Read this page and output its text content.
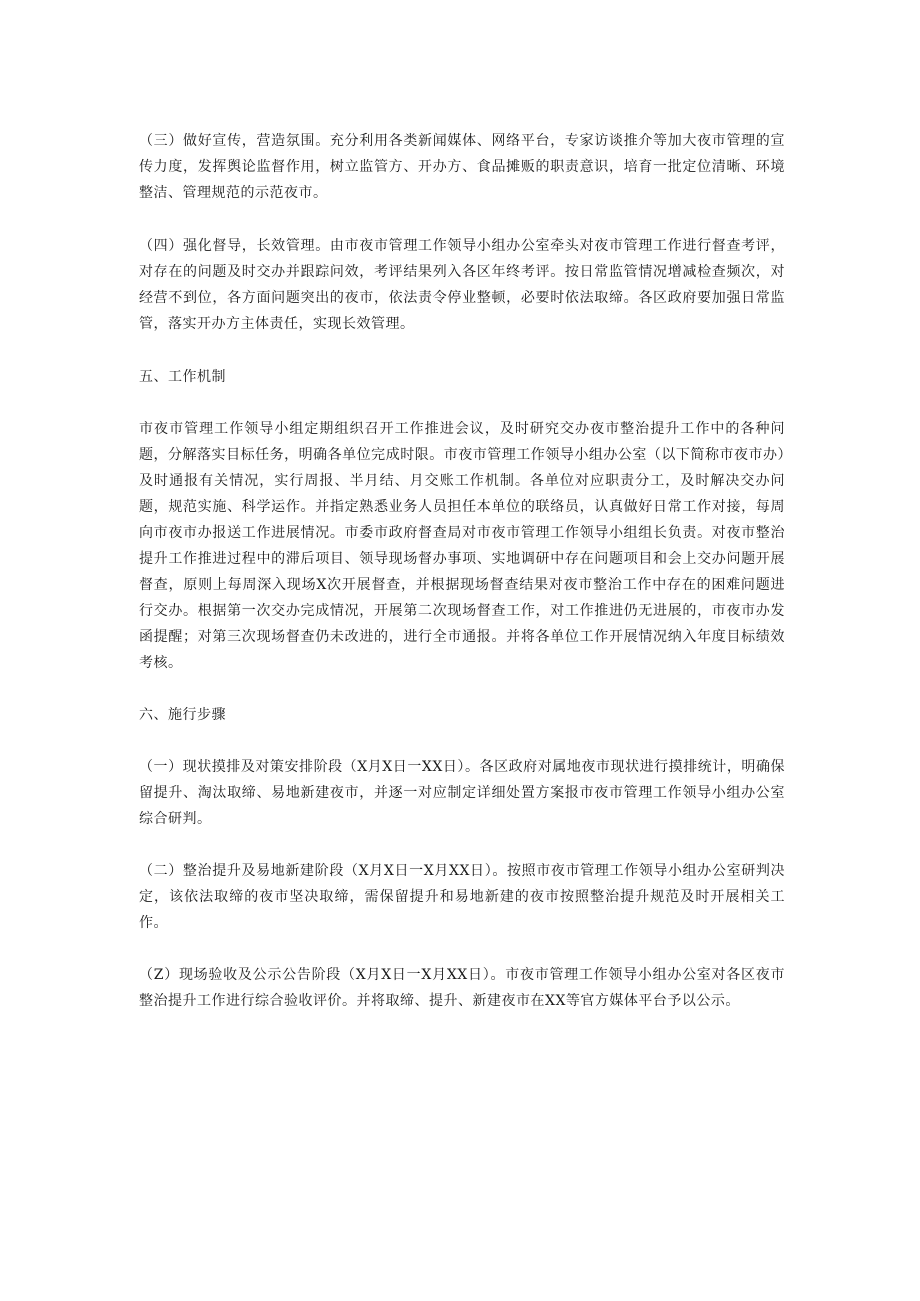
（三）做好宣传，营造氛围。充分利用各类新闻媒体、网络平台，专家访谈推介等加大夜市管理的宣传力度，发挥舆论监督作用，树立监管方、开办方、食品摊贩的职责意识，培育一批定位清晰、环境整洁、管理规范的示范夜市。

（四）强化督导，长效管理。由市夜市管理工作领导小组办公室牵头对夜市管理工作进行督查考评，对存在的问题及时交办并跟踪问效，考评结果列入各区年终考评。按日常监管情况增减检查频次，对经营不到位，各方面问题突出的夜市，依法责令停业整顿，必要时依法取缔。各区政府要加强日常监管，落实开办方主体责任，实现长效管理。

五、工作机制

市夜市管理工作领导小组定期组织召开工作推进会议，及时研究交办夜市整治提升工作中的各种问题，分解落实目标任务，明确各单位完成时限。市夜市管理工作领导小组办公室（以下简称市夜市办）及时通报有关情况，实行周报、半月结、月交账工作机制。各单位对应职责分工，及时解决交办问题，规范实施、科学运作。并指定熟悉业务人员担任本单位的联络员，认真做好日常工作对接，每周向市夜市办报送工作进展情况。市委市政府督查局对市夜市管理工作领导小组组长负责。对夜市整治提升工作推进过程中的滞后项目、领导现场督办事项、实地调研中存在问题项目和会上交办问题开展督查，原则上每周深入现场X次开展督查，并根据现场督查结果对夜市整治工作中存在的困难问题进行交办。根据第一次交办完成情况，开展第二次现场督查工作，对工作推进仍无进展的，市夜市办发函提醒；对第三次现场督查仍未改进的，进行全市通报。并将各单位工作开展情况纳入年度目标绩效考核。

六、施行步骤

（一）现状摸排及对策安排阶段（X月X日一XX日）。各区政府对属地夜市现状进行摸排统计，明确保留提升、淘汰取缔、易地新建夜市，并逐一对应制定详细处置方案报市夜市管理工作领导小组办公室综合研判。

（二）整治提升及易地新建阶段（X月X日一X月XX日）。按照市夜市管理工作领导小组办公室研判决定，该依法取缔的夜市坚决取缔，需保留提升和易地新建的夜市按照整治提升规范及时开展相关工作。

（Z）现场验收及公示公告阶段（X月X日一X月XX日）。市夜市管理工作领导小组办公室对各区夜市整治提升工作进行综合验收评价。并将取缔、提升、新建夜市在XX等官方媒体平台予以公示。
